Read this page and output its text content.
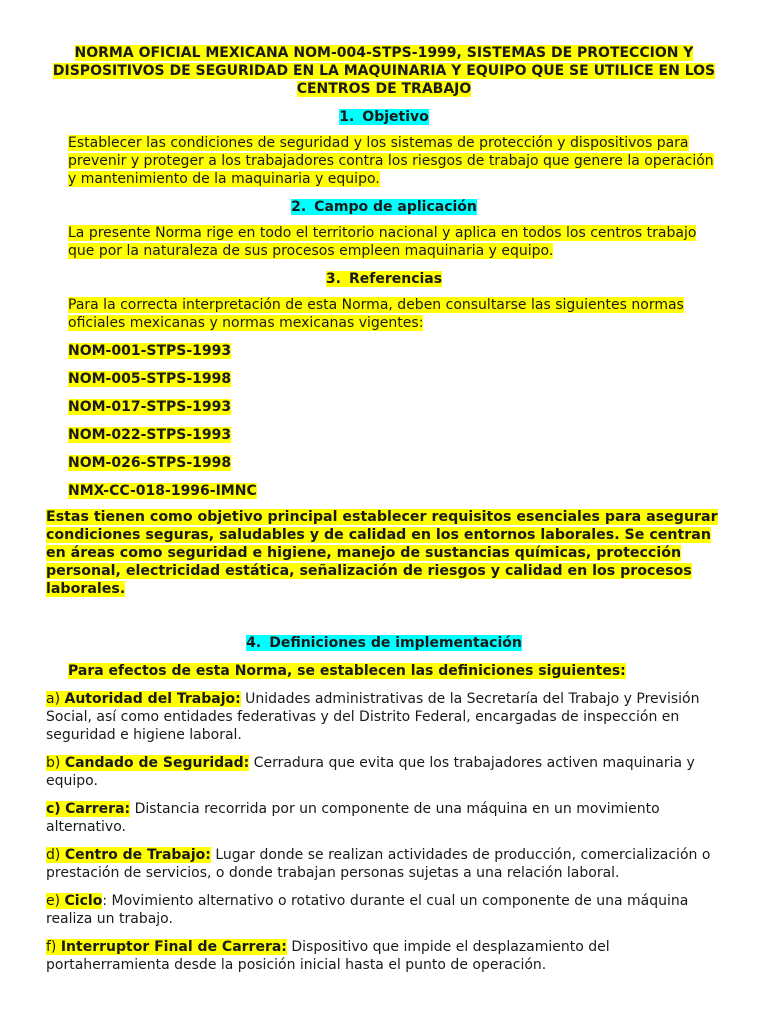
NORMA OFICIAL MEXICANA NOM-004-STPS-1999, SISTEMAS DE PROTECCION Y DISPOSITIVOS DE SEGURIDAD EN LA MAQUINARIA Y EQUIPO QUE SE UTILICE EN LOS CENTROS DE TRABAJO

1. Objetivo

Establecer las condiciones de seguridad y los sistemas de protección y dispositivos para prevenir y proteger a los trabajadores contra los riesgos de trabajo que genere la operación y mantenimiento de la maquinaria y equipo.

2. Campo de aplicación

La presente Norma rige en todo el territorio nacional y aplica en todos los centros trabajo que por la naturaleza de sus procesos empleen maquinaria y equipo.

3. Referencias

Para la correcta interpretación de esta Norma, deben consultarse las siguientes normas oficiales mexicanas y normas mexicanas vigentes:

NOM-001-STPS-1993

NOM-005-STPS-1998

NOM-017-STPS-1993

NOM-022-STPS-1993

NOM-026-STPS-1998

NMX-CC-018-1996-IMNC

Estas tienen como objetivo principal establecer requisitos esenciales para asegurar condiciones seguras, saludables y de calidad en los entornos laborales. Se centran en áreas como seguridad e higiene, manejo de sustancias químicas, protección personal, electricidad estática, señalización de riesgos y calidad en los procesos laborales.

4. Definiciones de implementación

Para efectos de esta Norma, se establecen las definiciones siguientes:

a) Autoridad del Trabajo: Unidades administrativas de la Secretaría del Trabajo y Previsión Social, así como entidades federativas y del Distrito Federal, encargadas de inspección en seguridad e higiene laboral.

b) Candado de Seguridad: Cerradura que evita que los trabajadores activen maquinaria y equipo.

c) Carrera: Distancia recorrida por un componente de una máquina en un movimiento alternativo.

d) Centro de Trabajo: Lugar donde se realizan actividades de producción, comercialización o prestación de servicios, o donde trabajan personas sujetas a una relación laboral.

e) Ciclo: Movimiento alternativo o rotativo durante el cual un componente de una máquina realiza un trabajo.

f) Interruptor Final de Carrera: Dispositivo que impide el desplazamiento del portaherramienta desde la posición inicial hasta el punto de operación.
